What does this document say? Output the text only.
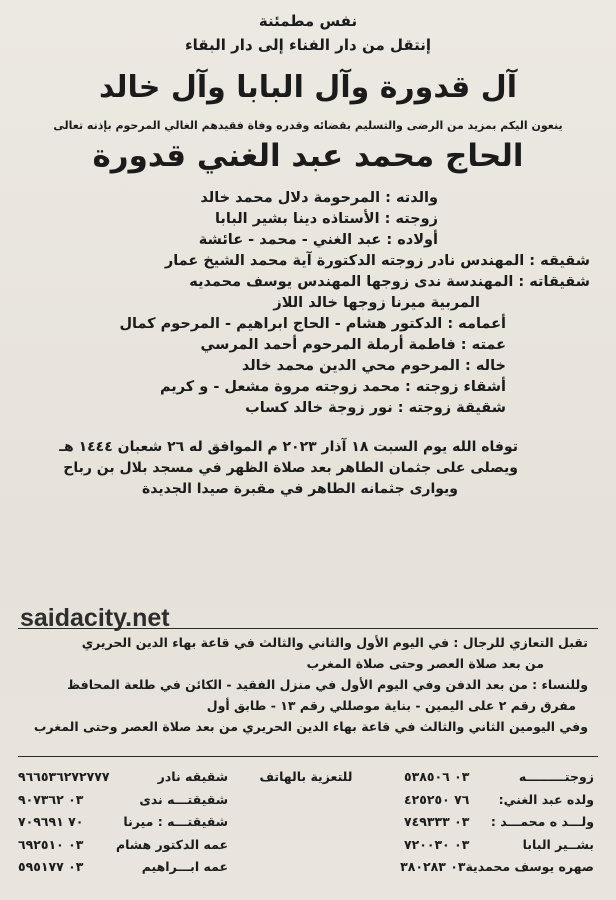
نفس مطمئنة
إنتقل من دار الفناء إلى دار البقاء
آل قدورة وآل البابا وآل خالد
ينعون اليكم بمزيد من الرضى والتسليم بقضائه وقدره وفاة فقيدهم الغالي المرحوم بإذنه تعالى
الحاج محمد عبد الغني قدورة
والدته : المرحومة دلال محمد خالد
زوجته : الأستاذه دينا بشير البابا
أولاده : عبد الغني - محمد - عائشة
شقيقه : المهندس نادر زوجته الدكتورة آية محمد الشيخ عمار
شقيقاته : المهندسة ندى زوجها المهندس يوسف محمديه
المربية ميرنا زوجها خالد اللاز
أعمامه : الدكتور هشام - الحاج ابراهيم - المرحوم كمال
عمته : فاطمة أرملة المرحوم أحمد المرسي
خاله : المرحوم محي الدين محمد خالد
أشقاء زوجته : محمد زوجته مروة مشعل - و كريم
شقيقة زوجته : نور زوجة خالد كساب
توفاه الله يوم السبت ١٨ آذار ٢٠٢٣ م الموافق له ٢٦ شعبان ١٤٤٤ هـ
ويصلى على جثمان الطاهر بعد صلاة الظهر في مسجد بلال بن رباح
ويوارى جثمانه الطاهر في مقبرة صيدا الجديدة
saidacity.net
تقبل التعازي للرجال : في اليوم الأول والثاني والثالث في قاعة بهاء الدين الحريري
من بعد صلاة العصر وحتى صلاة المغرب
وللنساء : من بعد الدفن وفي اليوم الأول في منزل الفقيد - الكائن في طلعة المحافظ
مفرق رقم ٢ على اليمين - بناية موصللي رقم ١٣ - طابق أول
وفي اليومين الثاني والثالث في قاعة بهاء الدين الحريري من بعد صلاة العصر وحتى المغرب
زوجتـــــــــه
٠٣ ٥٣٨٥٠٦
ولده عبد الغني:
٧٦ ٤٢٥٢٥٠
ولـــد ه محمـــد :
٠٣ ٧٤٩٣٣٣
بشــير البابا
٠٣ ٧٢٠٠٣٠
صهره يوسف محمدية
٠٣ ٣٨٠٢٨٣
للتعزية بالهاتف
شقيقه نادر
٩٦٦٥٣٦٢٧٢٧٧٧
شقيقتـــه ندى
٠٣ ٩٠٧٣٦٢
شقيقتـــه : ميرنا
٧٠ ٧٠٩٦٩١
عمه الدكتور هشام
٠٣ ٦٩٢٥١٠
عمه ابـــراهيم
٠٣ ٥٩٥١٧٧
